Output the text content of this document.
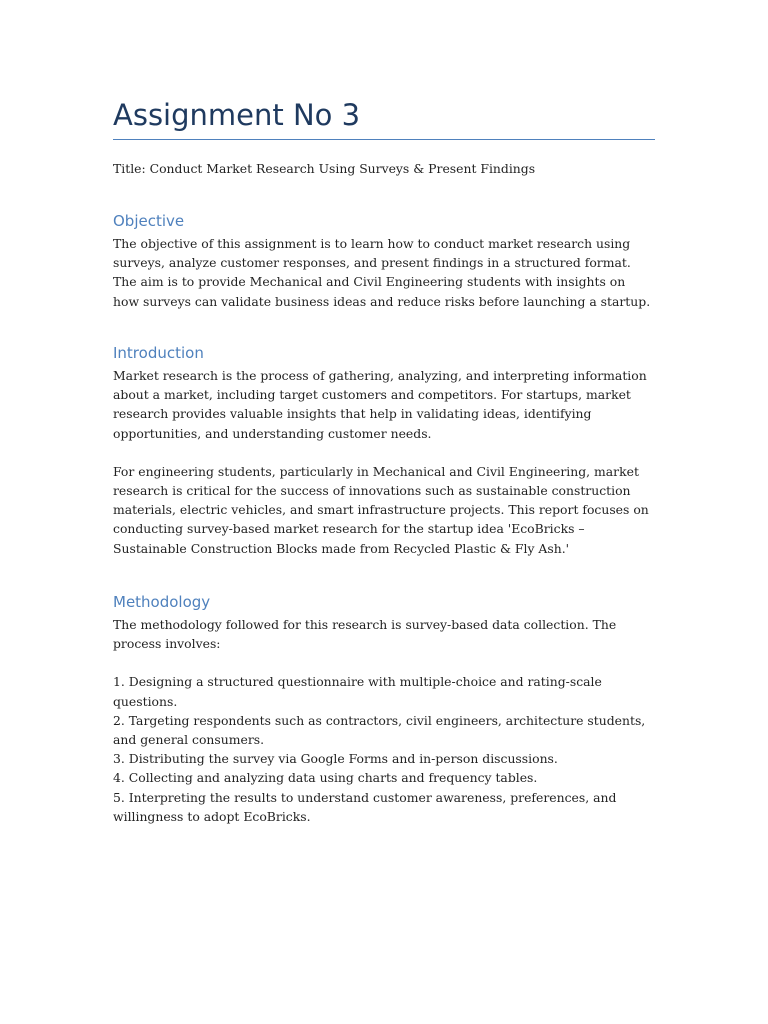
Assignment No 3
Title: Conduct Market Research Using Surveys & Present Findings
Objective

The objective of this assignment is to learn how to conduct market research using surveys, analyze customer responses, and present findings in a structured format. The aim is to provide Mechanical and Civil Engineering students with insights on how surveys can validate business ideas and reduce risks before launching a startup.

Introduction

Market research is the process of gathering, analyzing, and interpreting information about a market, including target customers and competitors. For startups, market research provides valuable insights that help in validating ideas, identifying opportunities, and understanding customer needs.

For engineering students, particularly in Mechanical and Civil Engineering, market research is critical for the success of innovations such as sustainable construction materials, electric vehicles, and smart infrastructure projects. This report focuses on conducting survey-based market research for the startup idea 'EcoBricks – Sustainable Construction Blocks made from Recycled Plastic & Fly Ash.'

Methodology

The methodology followed for this research is survey-based data collection. The process involves:

1. Designing a structured questionnaire with multiple-choice and rating-scale questions.
2. Targeting respondents such as contractors, civil engineers, architecture students, and general consumers.
3. Distributing the survey via Google Forms and in-person discussions.
4. Collecting and analyzing data using charts and frequency tables.
5. Interpreting the results to understand customer awareness, preferences, and willingness to adopt EcoBricks.
